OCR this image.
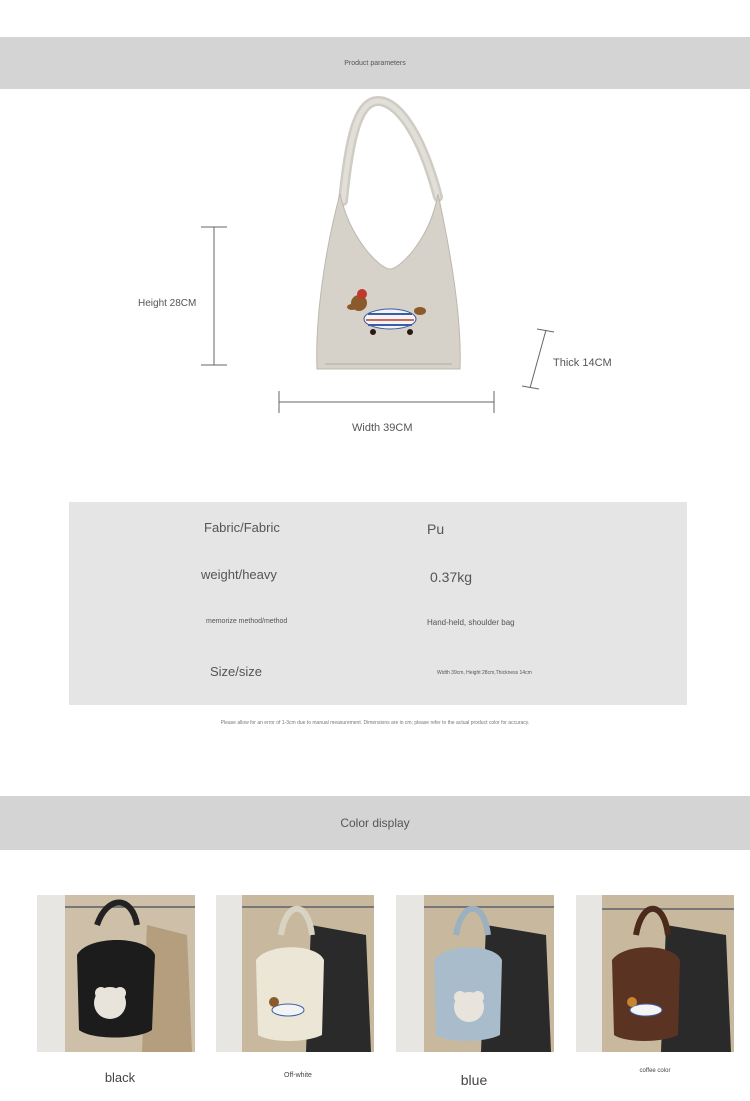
Product parameters
Height 28CM
Width 39CM
Thick 14CM
Fabric/Fabric	Pu
weight/heavy	0.37kg
memorize method/method	Hand-held, shoulder bag
Size/size	Width 39cm, Height 28cm,Thickness 14cm
Please allow for an error of 1-3cm due to manual measurement. Dimensions are in cm; please refer to the actual product color for accuracy.
Color display
black	Off-white	blue
coffee color
